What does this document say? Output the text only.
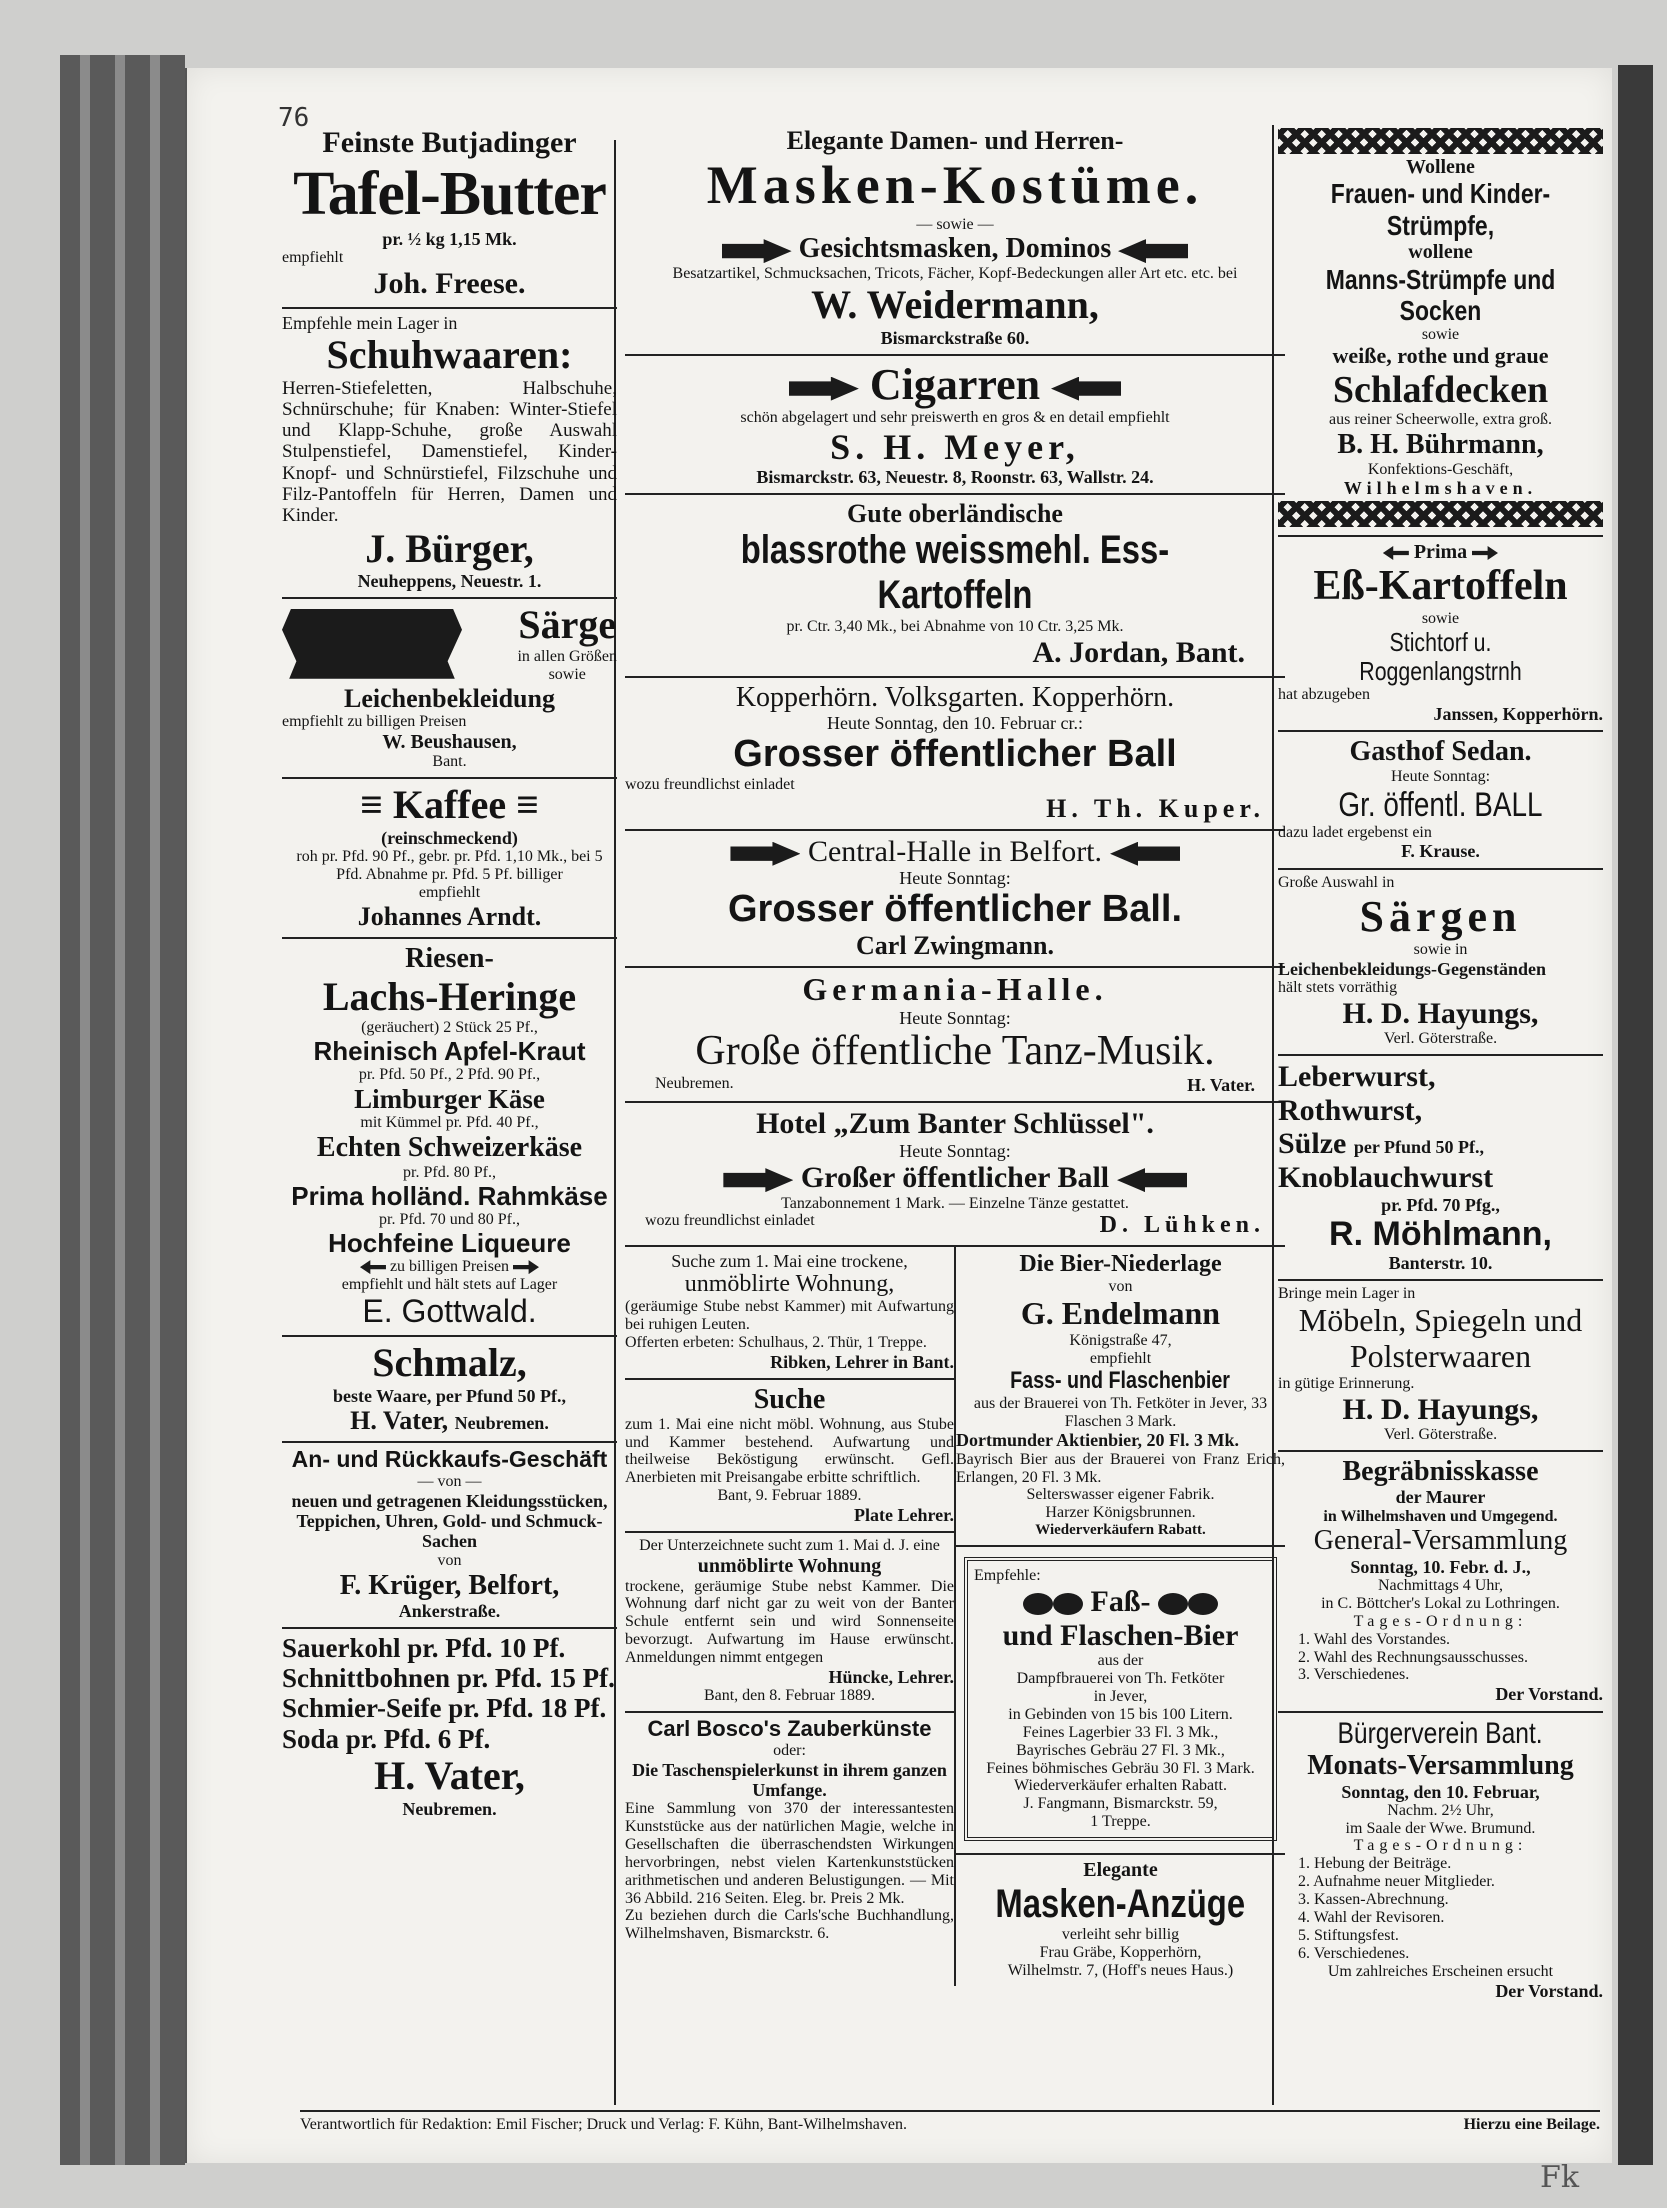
76

Feinste Butjadinger

Tafel-Butter

pr. ½ kg 1,15 Mk.

empfiehlt

Joh. Freese.

Empfehle mein Lager in

Schuhwaaren:

Herren-Stiefeletten, Halbschuhe, Schnürschuhe; für Knaben: Winter-Stiefel und Klapp-Schuhe, große Auswahl Stulpenstiefel, Damenstiefel, Kinder-Knopf- und Schnürstiefel, Filzschuhe und Filz-Pantoffeln für Herren, Damen und Kinder.

J. Bürger,

Neuheppens, Neuestr. 1.

Särge

in allen Größen

sowie

Leichenbekleidung

empfiehlt zu billigen Preisen

W. Beushausen,

Bant.

≡ Kaffee ≡

(reinschmeckend)

roh pr. Pfd. 90 Pf., gebr. pr. Pfd. 1,10 Mk., bei 5 Pfd. Abnahme pr. Pfd. 5 Pf. billiger

empfiehlt

Johannes Arndt.

Riesen-

Lachs-Heringe

(geräuchert) 2 Stück 25 Pf.,

Rheinisch Apfel-Kraut

pr. Pfd. 50 Pf., 2 Pfd. 90 Pf.,

Limburger Käse

mit Kümmel pr. Pfd. 40 Pf.,

Echten Schweizerkäse

pr. Pfd. 80 Pf.,

Prima holländ. Rahmkäse

pr. Pfd. 70 und 80 Pf.,

Hochfeine Liqueure

zu billigen Preisen

empfiehlt und hält stets auf Lager

E. Gottwald.

Schmalz,

beste Waare, per Pfund 50 Pf.,

H. Vater, Neubremen.

An- und Rückkaufs-Geschäft

— von —

neuen und getragenen Kleidungsstücken, Teppichen, Uhren, Gold- und Schmuck-Sachen

von

F. Krüger, Belfort,

Ankerstraße.

Sauerkohl pr. Pfd. 10 Pf.

Schnittbohnen pr. Pfd. 15 Pf.

Schmier-Seife pr. Pfd. 18 Pf.

Soda pr. Pfd. 6 Pf.

H. Vater,

Neubremen.

Elegante Damen- und Herren-

Masken-Kostüme.

— sowie —

Gesichtsmasken, Dominos

Besatzartikel, Schmucksachen, Tricots, Fächer, Kopf-Bedeckungen aller Art etc. etc. bei

W. Weidermann,

Bismarckstraße 60.

Cigarren

schön abgelagert und sehr preiswerth en gros & en detail empfiehlt

S. H. Meyer,

Bismarckstr. 63, Neuestr. 8, Roonstr. 63, Wallstr. 24.

Gute oberländische

blassrothe weissmehl. Ess-Kartoffeln

pr. Ctr. 3,40 Mk., bei Abnahme von 10 Ctr. 3,25 Mk.

A. Jordan, Bant.

Kopperhörn. Volksgarten. Kopperhörn.

Heute Sonntag, den 10. Februar cr.:

Grosser öffentlicher Ball

wozu freundlichst einladet

H. Th. Kuper.

Central-Halle in Belfort.

Heute Sonntag:

Grosser öffentlicher Ball.

Carl Zwingmann.

Germania-Halle.

Heute Sonntag:

Große öffentliche Tanz-Musik.

Neubremen.	H. Vater.

Hotel „Zum Banter Schlüssel".

Heute Sonntag:

Großer öffentlicher Ball

Tanzabonnement 1 Mark. — Einzelne Tänze gestattet.

wozu freundlichst einladet	D. Lühken.

Suche zum 1. Mai eine trockene,

unmöblirte Wohnung,

(geräumige Stube nebst Kammer) mit Aufwartung bei ruhigen Leuten.

Offerten erbeten: Schulhaus, 2. Thür, 1 Treppe.

Ribken, Lehrer in Bant.

Suche

zum 1. Mai eine nicht möbl. Wohnung, aus Stube und Kammer bestehend. Aufwartung und theilweise Beköstigung erwünscht. Gefl. Anerbieten mit Preisangabe erbitte schriftlich.

Bant, 9. Februar 1889.

Plate Lehrer.

Der Unterzeichnete sucht zum 1. Mai d. J. eine

unmöblirte Wohnung

trockene, geräumige Stube nebst Kammer. Die Wohnung darf nicht gar zu weit von der Banter Schule entfernt sein und wird Sonnenseite bevorzugt. Aufwartung im Hause erwünscht. Anmeldungen nimmt entgegen

Hüncke, Lehrer.

Bant, den 8. Februar 1889.

Carl Bosco's Zauberkünste

oder:

Die Taschenspielerkunst in ihrem ganzen Umfange.

Eine Sammlung von 370 der interessantesten Kunststücke aus der natürlichen Magie, welche in Gesellschaften die überraschendsten Wirkungen hervorbringen, nebst vielen Kartenkunststücken arithmetischen und anderen Belustigungen. — Mit 36 Abbild. 216 Seiten. Eleg. br. Preis 2 Mk.

Zu beziehen durch die Carls'sche Buchhandlung, Wilhelmshaven, Bismarckstr. 6.

Die Bier-Niederlage

von

G. Endelmann

Königstraße 47,

empfiehlt

Fass- und Flaschenbier

aus der Brauerei von Th. Fetköter in Jever, 33 Flaschen 3 Mark.

Dortmunder Aktienbier, 20 Fl. 3 Mk.

Bayrisch Bier aus der Brauerei von Franz Erich, Erlangen, 20 Fl. 3 Mk.

Selterswasser eigener Fabrik.

Harzer Königsbrunnen.

Wiederverkäufern Rabatt.

Empfehle:

Faß-

und Flaschen-Bier

aus der

Dampfbrauerei von Th. Fetköter

in Jever,

in Gebinden von 15 bis 100 Litern.

Feines Lagerbier 33 Fl. 3 Mk.,

Bayrisches Gebräu 27 Fl. 3 Mk.,

Feines böhmisches Gebräu 30 Fl. 3 Mark.

Wiederverkäufer erhalten Rabatt.

J. Fangmann, Bismarckstr. 59,

1 Treppe.

Elegante

Masken-Anzüge

verleiht sehr billig

Frau Gräbe, Kopperhörn,

Wilhelmstr. 7, (Hoff's neues Haus.)

Wollene

Frauen- und Kinder-Strümpfe,

wollene

Manns-Strümpfe und Socken

sowie

weiße, rothe und graue

Schlafdecken

aus reiner Scheerwolle, extra groß.

B. H. Bührmann,

Konfektions-Geschäft,

Wilhelmshaven.

Prima

Eß-Kartoffeln

sowie

Stichtorf u. Roggenlangstrnh

hat abzugeben

Janssen, Kopperhörn.

Gasthof Sedan.

Heute Sonntag:

Gr. öffentl. BALL

dazu ladet ergebenst ein

F. Krause.

Große Auswahl in

Särgen

sowie in

Leichenbekleidungs-Gegenständen

hält stets vorräthig

H. D. Hayungs,

Verl. Göterstraße.

Leberwurst,

Rothwurst,

Sülze per Pfund 50 Pf.,

Knoblauchwurst

pr. Pfd. 70 Pfg.,

R. Möhlmann,

Banterstr. 10.

Bringe mein Lager in

Möbeln, Spiegeln und Polsterwaaren

in gütige Erinnerung.

H. D. Hayungs,

Verl. Göterstraße.

Begräbnisskasse

der Maurer

in Wilhelmshaven und Umgegend.

General-Versammlung

Sonntag, 10. Febr. d. J.,

Nachmittags 4 Uhr,

in C. Böttcher's Lokal zu Lothringen.

Tages-Ordnung:

1. Wahl des Vorstandes.

2. Wahl des Rechnungsausschusses.

3. Verschiedenes.

Der Vorstand.

Bürgerverein Bant.

Monats-Versammlung

Sonntag, den 10. Februar,

Nachm. 2½ Uhr,

im Saale der Wwe. Brumund.

Tages-Ordnung:

1. Hebung der Beiträge.

2. Aufnahme neuer Mitglieder.

3. Kassen-Abrechnung.

4. Wahl der Revisoren.

5. Stiftungsfest.

6. Verschiedenes.

Um zahlreiches Erscheinen ersucht

Der Vorstand.

Verantwortlich für Redaktion: Emil Fischer; Druck und Verlag: F. Kühn, Bant-Wilhelmshaven.	Hierzu eine Beilage.
Fk
